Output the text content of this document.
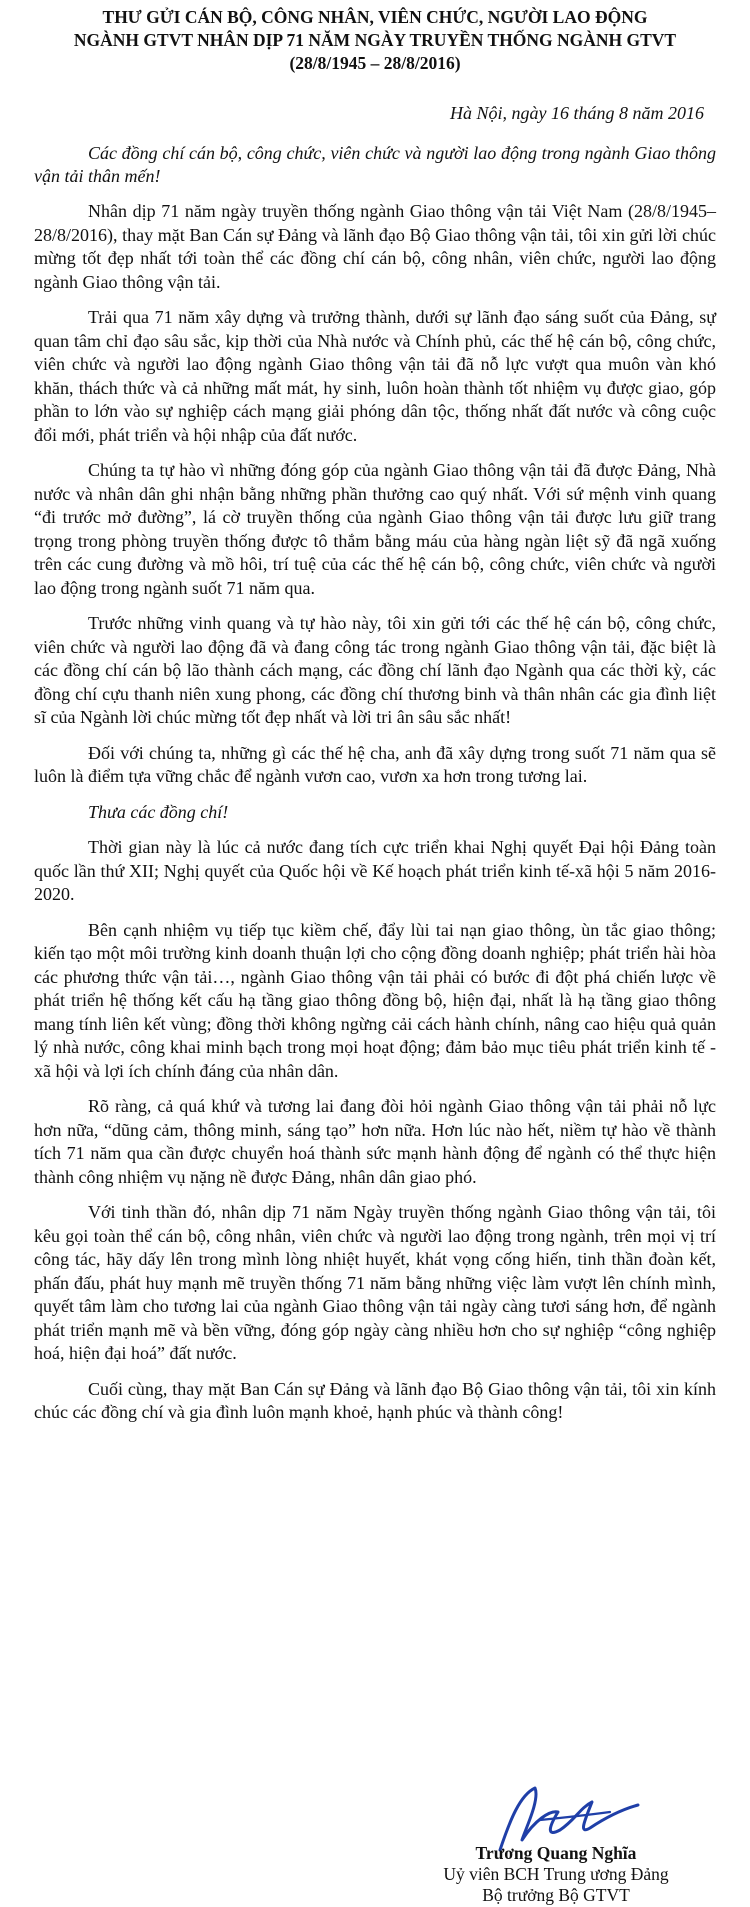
THƯ GỬI CÁN BỘ, CÔNG NHÂN, VIÊN CHỨC, NGƯỜI LAO ĐỘNG

NGÀNH GTVT NHÂN DỊP 71 NĂM NGÀY TRUYỀN THỐNG NGÀNH GTVT

(28/8/1945 – 28/8/2016)

Hà Nội, ngày 16 tháng 8 năm 2016

Các đồng chí cán bộ, công chức, viên chức và người lao động trong ngành Giao thông vận tải thân mến!

Nhân dịp 71 năm ngày truyền thống ngành Giao thông vận tải Việt Nam (28/8/1945–28/8/2016), thay mặt Ban Cán sự Đảng và lãnh đạo Bộ Giao thông vận tải, tôi xin gửi lời chúc mừng tốt đẹp nhất tới toàn thể các đồng chí cán bộ, công nhân, viên chức, người lao động ngành Giao thông vận tải.

Trải qua 71 năm xây dựng và trưởng thành, dưới sự lãnh đạo sáng suốt của Đảng, sự quan tâm chỉ đạo sâu sắc, kịp thời của Nhà nước và Chính phủ, các thế hệ cán bộ, công chức, viên chức và người lao động ngành Giao thông vận tải đã nỗ lực vượt qua muôn vàn khó khăn, thách thức và cả những mất mát, hy sinh, luôn hoàn thành tốt nhiệm vụ được giao, góp phần to lớn vào sự nghiệp cách mạng giải phóng dân tộc, thống nhất đất nước và công cuộc đổi mới, phát triển và hội nhập của đất nước.

Chúng ta tự hào vì những đóng góp của ngành Giao thông vận tải đã được Đảng, Nhà nước và nhân dân ghi nhận bằng những phần thưởng cao quý nhất. Với sứ mệnh vinh quang “đi trước mở đường”, lá cờ truyền thống của ngành Giao thông vận tải được lưu giữ trang trọng trong phòng truyền thống được tô thắm bằng máu của hàng ngàn liệt sỹ đã ngã xuống trên các cung đường và mồ hôi, trí tuệ của các thế hệ cán bộ, công chức, viên chức và người lao động trong ngành suốt 71 năm qua.

Trước những vinh quang và tự hào này, tôi xin gửi tới các thế hệ cán bộ, công chức, viên chức và người lao động đã và đang công tác trong ngành Giao thông vận tải, đặc biệt là các đồng chí cán bộ lão thành cách mạng, các đồng chí lãnh đạo Ngành qua các thời kỳ, các đồng chí cựu thanh niên xung phong, các đồng chí thương binh và thân nhân các gia đình liệt sĩ của Ngành lời chúc mừng tốt đẹp nhất và lời tri ân sâu sắc nhất!

Đối với chúng ta, những gì các thế hệ cha, anh đã xây dựng trong suốt 71 năm qua sẽ luôn là điểm tựa vững chắc để ngành vươn cao, vươn xa hơn trong tương lai.

Thưa các đồng chí!

Thời gian này là lúc cả nước đang tích cực triển khai Nghị quyết Đại hội Đảng toàn quốc lần thứ XII; Nghị quyết của Quốc hội về Kế hoạch phát triển kinh tế-xã hội 5 năm 2016-2020.

Bên cạnh nhiệm vụ tiếp tục kiềm chế, đẩy lùi tai nạn giao thông, ùn tắc giao thông; kiến tạo một môi trường kinh doanh thuận lợi cho cộng đồng doanh nghiệp; phát triển hài hòa các phương thức vận tải…, ngành Giao thông vận tải phải có bước đi đột phá chiến lược về phát triển hệ thống kết cấu hạ tầng giao thông đồng bộ, hiện đại, nhất là hạ tầng giao thông mang tính liên kết vùng; đồng thời không ngừng cải cách hành chính, nâng cao hiệu quả quản lý nhà nước, công khai minh bạch trong mọi hoạt động; đảm bảo mục tiêu phát triển kinh tế - xã hội và lợi ích chính đáng của nhân dân.

Rõ ràng, cả quá khứ và tương lai đang đòi hỏi ngành Giao thông vận tải phải nỗ lực hơn nữa, “dũng cảm, thông minh, sáng tạo” hơn nữa. Hơn lúc nào hết, niềm tự hào về thành tích 71 năm qua cần được chuyển hoá thành sức mạnh hành động để ngành có thể thực hiện thành công nhiệm vụ nặng nề được Đảng, nhân dân giao phó.

Với tinh thần đó, nhân dịp 71 năm Ngày truyền thống ngành Giao thông vận tải, tôi kêu gọi toàn thể cán bộ, công nhân, viên chức và người lao động trong ngành, trên mọi vị trí công tác, hãy dấy lên trong mình lòng nhiệt huyết, khát vọng cống hiến, tinh thần đoàn kết, phấn đấu, phát huy mạnh mẽ truyền thống 71 năm bằng những việc làm vượt lên chính mình, quyết tâm làm cho tương lai của ngành Giao thông vận tải ngày càng tươi sáng hơn, để ngành phát triển mạnh mẽ và bền vững, đóng góp ngày càng nhiều hơn cho sự nghiệp “công nghiệp hoá, hiện đại hoá” đất nước.

Cuối cùng, thay mặt Ban Cán sự Đảng và lãnh đạo Bộ Giao thông vận tải, tôi xin kính chúc các đồng chí và gia đình luôn mạnh khoẻ, hạnh phúc và thành công!

Trương Quang Nghĩa
Uỷ viên BCH Trung ương Đảng
Bộ trưởng Bộ GTVT
